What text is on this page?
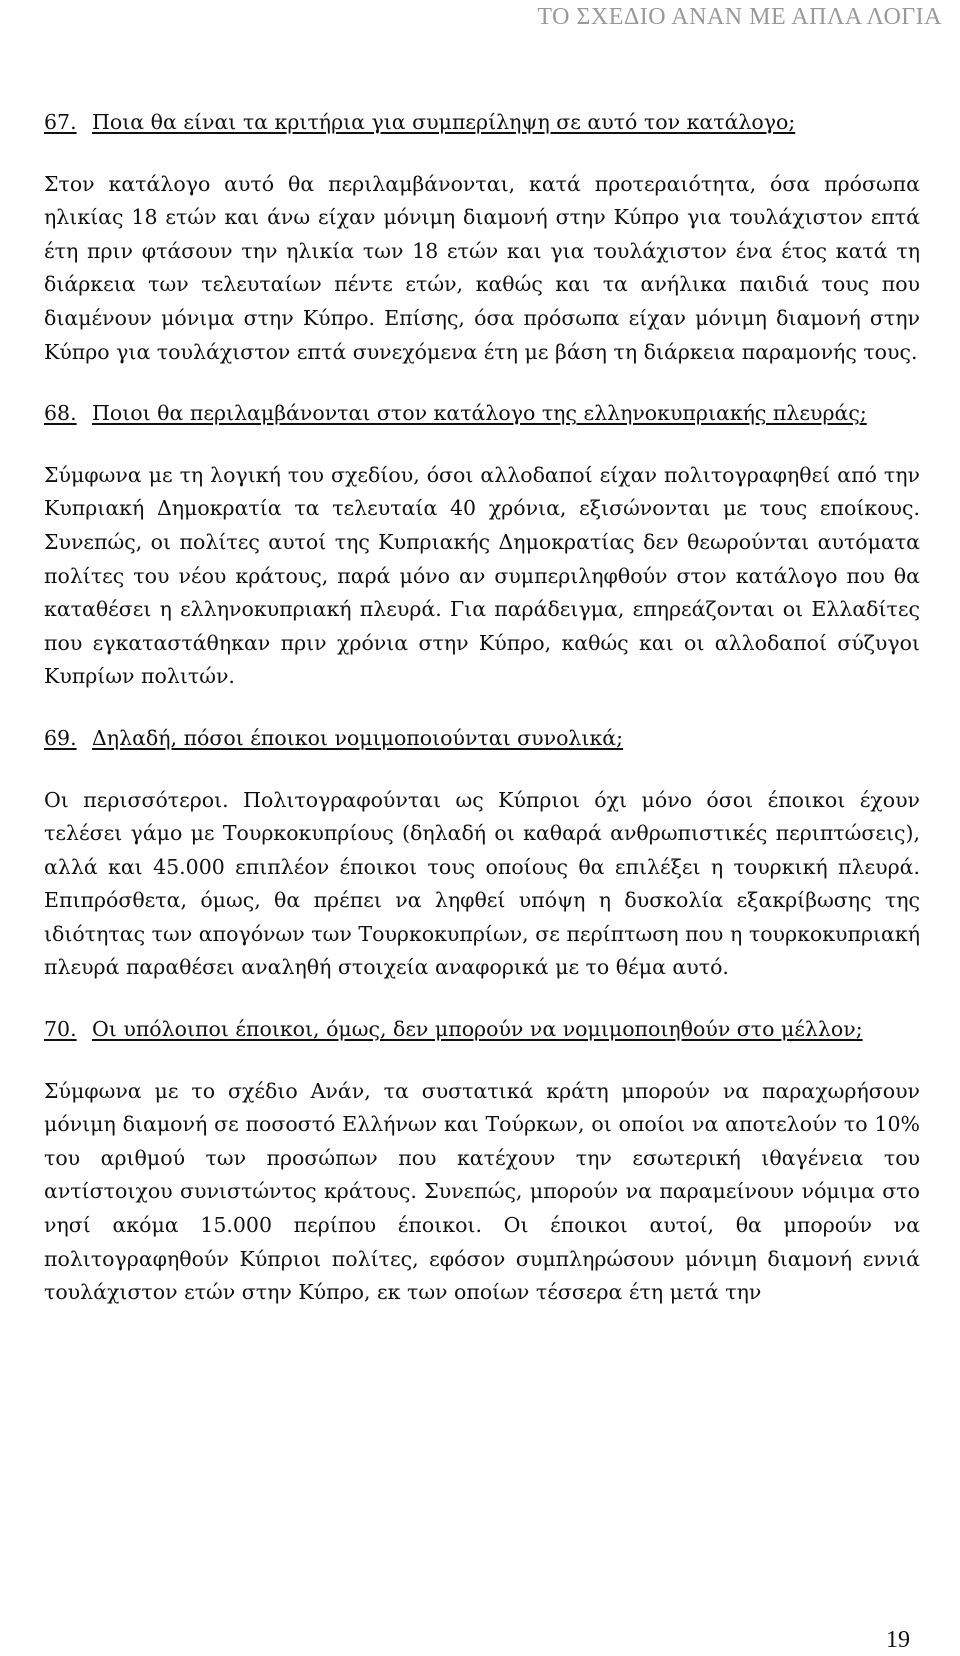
ΤΟ ΣΧΕΔΙΟ ΑΝΑΝ ΜΕ ΑΠΛΑ ΛΟΓΙΑ
67. Ποια θα είναι τα κριτήρια για συμπερίληψη σε αυτό τον κατάλογο;

Στον κατάλογο αυτό θα περιλαμβάνονται, κατά προτεραιότητα, όσα πρόσωπα ηλικίας 18 ετών και άνω είχαν μόνιμη διαμονή στην Κύπρο για τουλάχιστον επτά έτη πριν φτάσουν την ηλικία των 18 ετών και για τουλάχιστον ένα έτος κατά τη διάρκεια των τελευταίων πέντε ετών, καθώς και τα ανήλικα παιδιά τους που διαμένουν μόνιμα στην Κύπρο. Επίσης, όσα πρόσωπα είχαν μόνιμη διαμονή στην Κύπρο για τουλάχιστον επτά συνεχόμενα έτη με βάση τη διάρκεια παραμονής τους.

68. Ποιοι θα περιλαμβάνονται στον κατάλογο της ελληνοκυπριακής πλευράς;

Σύμφωνα με τη λογική του σχεδίου, όσοι αλλοδαποί είχαν πολιτογραφηθεί από την Κυπριακή Δημοκρατία τα τελευταία 40 χρόνια, εξισώνονται με τους εποίκους. Συνεπώς, οι πολίτες αυτοί της Κυπριακής Δημοκρατίας δεν θεωρούνται αυτόματα πολίτες του νέου κράτους, παρά μόνο αν συμπεριληφθούν στον κατάλογο που θα καταθέσει η ελληνοκυπριακή πλευρά. Για παράδειγμα, επηρεάζονται οι Ελλαδίτες που εγκαταστάθηκαν πριν χρόνια στην Κύπρο, καθώς και οι αλλοδαποί σύζυγοι Κυπρίων πολιτών.

69. Δηλαδή, πόσοι έποικοι νομιμοποιούνται συνολικά;

Οι περισσότεροι. Πολιτογραφούνται ως Κύπριοι όχι μόνο όσοι έποικοι έχουν τελέσει γάμο με Τουρκοκυπρίους (δηλαδή οι καθαρά ανθρωπιστικές περιπτώσεις), αλλά και 45.000 επιπλέον έποικοι τους οποίους θα επιλέξει η τουρκική πλευρά. Επιπρόσθετα, όμως, θα πρέπει να ληφθεί υπόψη η δυσκολία εξακρίβωσης της ιδιότητας των απογόνων των Τουρκοκυπρίων, σε περίπτωση που η τουρκοκυπριακή πλευρά παραθέσει αναληθή στοιχεία αναφορικά με το θέμα αυτό.

70. Οι υπόλοιποι έποικοι, όμως, δεν μπορούν να νομιμοποιηθούν στο μέλλον;

Σύμφωνα με το σχέδιο Ανάν, τα συστατικά κράτη μπορούν να παραχωρήσουν μόνιμη διαμονή σε ποσοστό Ελλήνων και Τούρκων, οι οποίοι να αποτελούν το 10% του αριθμού των προσώπων που κατέχουν την εσωτερική ιθαγένεια του αντίστοιχου συνιστώντος κράτους. Συνεπώς, μπορούν να παραμείνουν νόμιμα στο νησί ακόμα 15.000 περίπου έποικοι. Οι έποικοι αυτοί, θα μπορούν να πολιτογραφηθούν Κύπριοι πολίτες, εφόσον συμπληρώσουν μόνιμη διαμονή εννιά τουλάχιστον ετών στην Κύπρο, εκ των οποίων τέσσερα έτη μετά την

19
